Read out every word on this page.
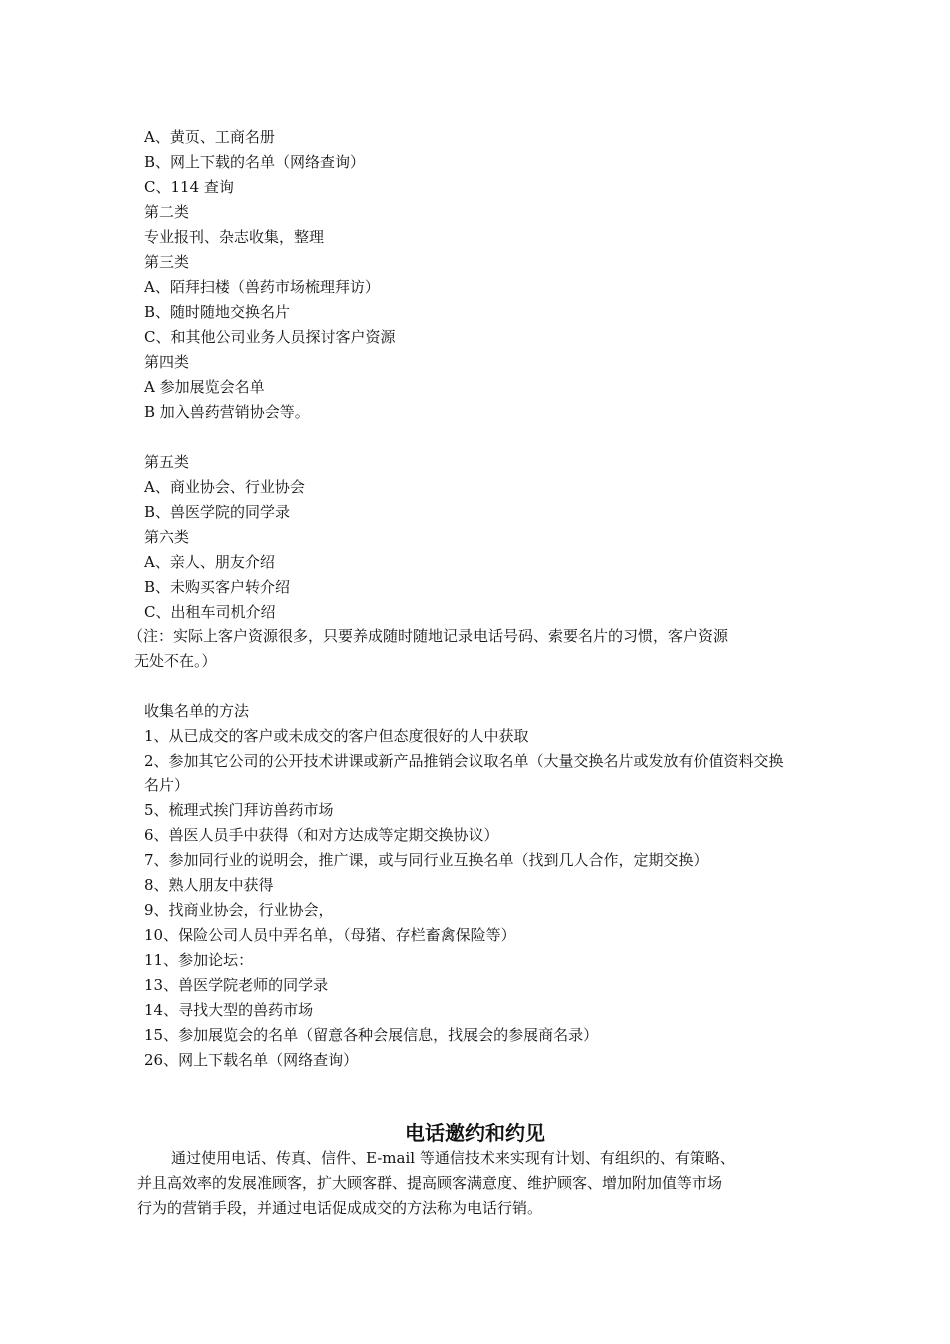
A、黄页、工商名册
B、网上下载的名单（网络查询）
C、114 查询
第二类
专业报刊、杂志收集，整理
第三类
A、陌拜扫楼（兽药市场梳理拜访）
B、随时随地交换名片
C、和其他公司业务人员探讨客户资源
第四类
A 参加展览会名单
B 加入兽药营销协会等。
第五类
A、商业协会、行业协会
B、兽医学院的同学录
第六类
A、亲人、朋友介绍
B、未购买客户转介绍
C、出租车司机介绍
（注：实际上客户资源很多，只要养成随时随地记录电话号码、索要名片的习惯，客户资源
无处不在。）
收集名单的方法
1、从已成交的客户或未成交的客户但态度很好的人中获取
2、参加其它公司的公开技术讲课或新产品推销会议取名单（大量交换名片或发放有价值资料交换
名片）
5、梳理式挨门拜访兽药市场
6、兽医人员手中获得（和对方达成等定期交换协议）
7、参加同行业的说明会，推广课，或与同行业互换名单（找到几人合作，定期交换）
8、熟人朋友中获得
9、找商业协会，行业协会，
10、保险公司人员中弄名单，（母猪、存栏畜禽保险等）
11、参加论坛：
13、兽医学院老师的同学录
14、寻找大型的兽药市场
15、参加展览会的名单（留意各种会展信息，找展会的参展商名录）
26、网上下载名单（网络查询）
电话邀约和约见
通过使用电话、传真、信件、E-mail 等通信技术来实现有计划、有组织的、有策略、
并且高效率的发展准顾客，扩大顾客群、提高顾客满意度、维护顾客、增加附加值等市场
行为的营销手段，并通过电话促成成交的方法称为电话行销。
